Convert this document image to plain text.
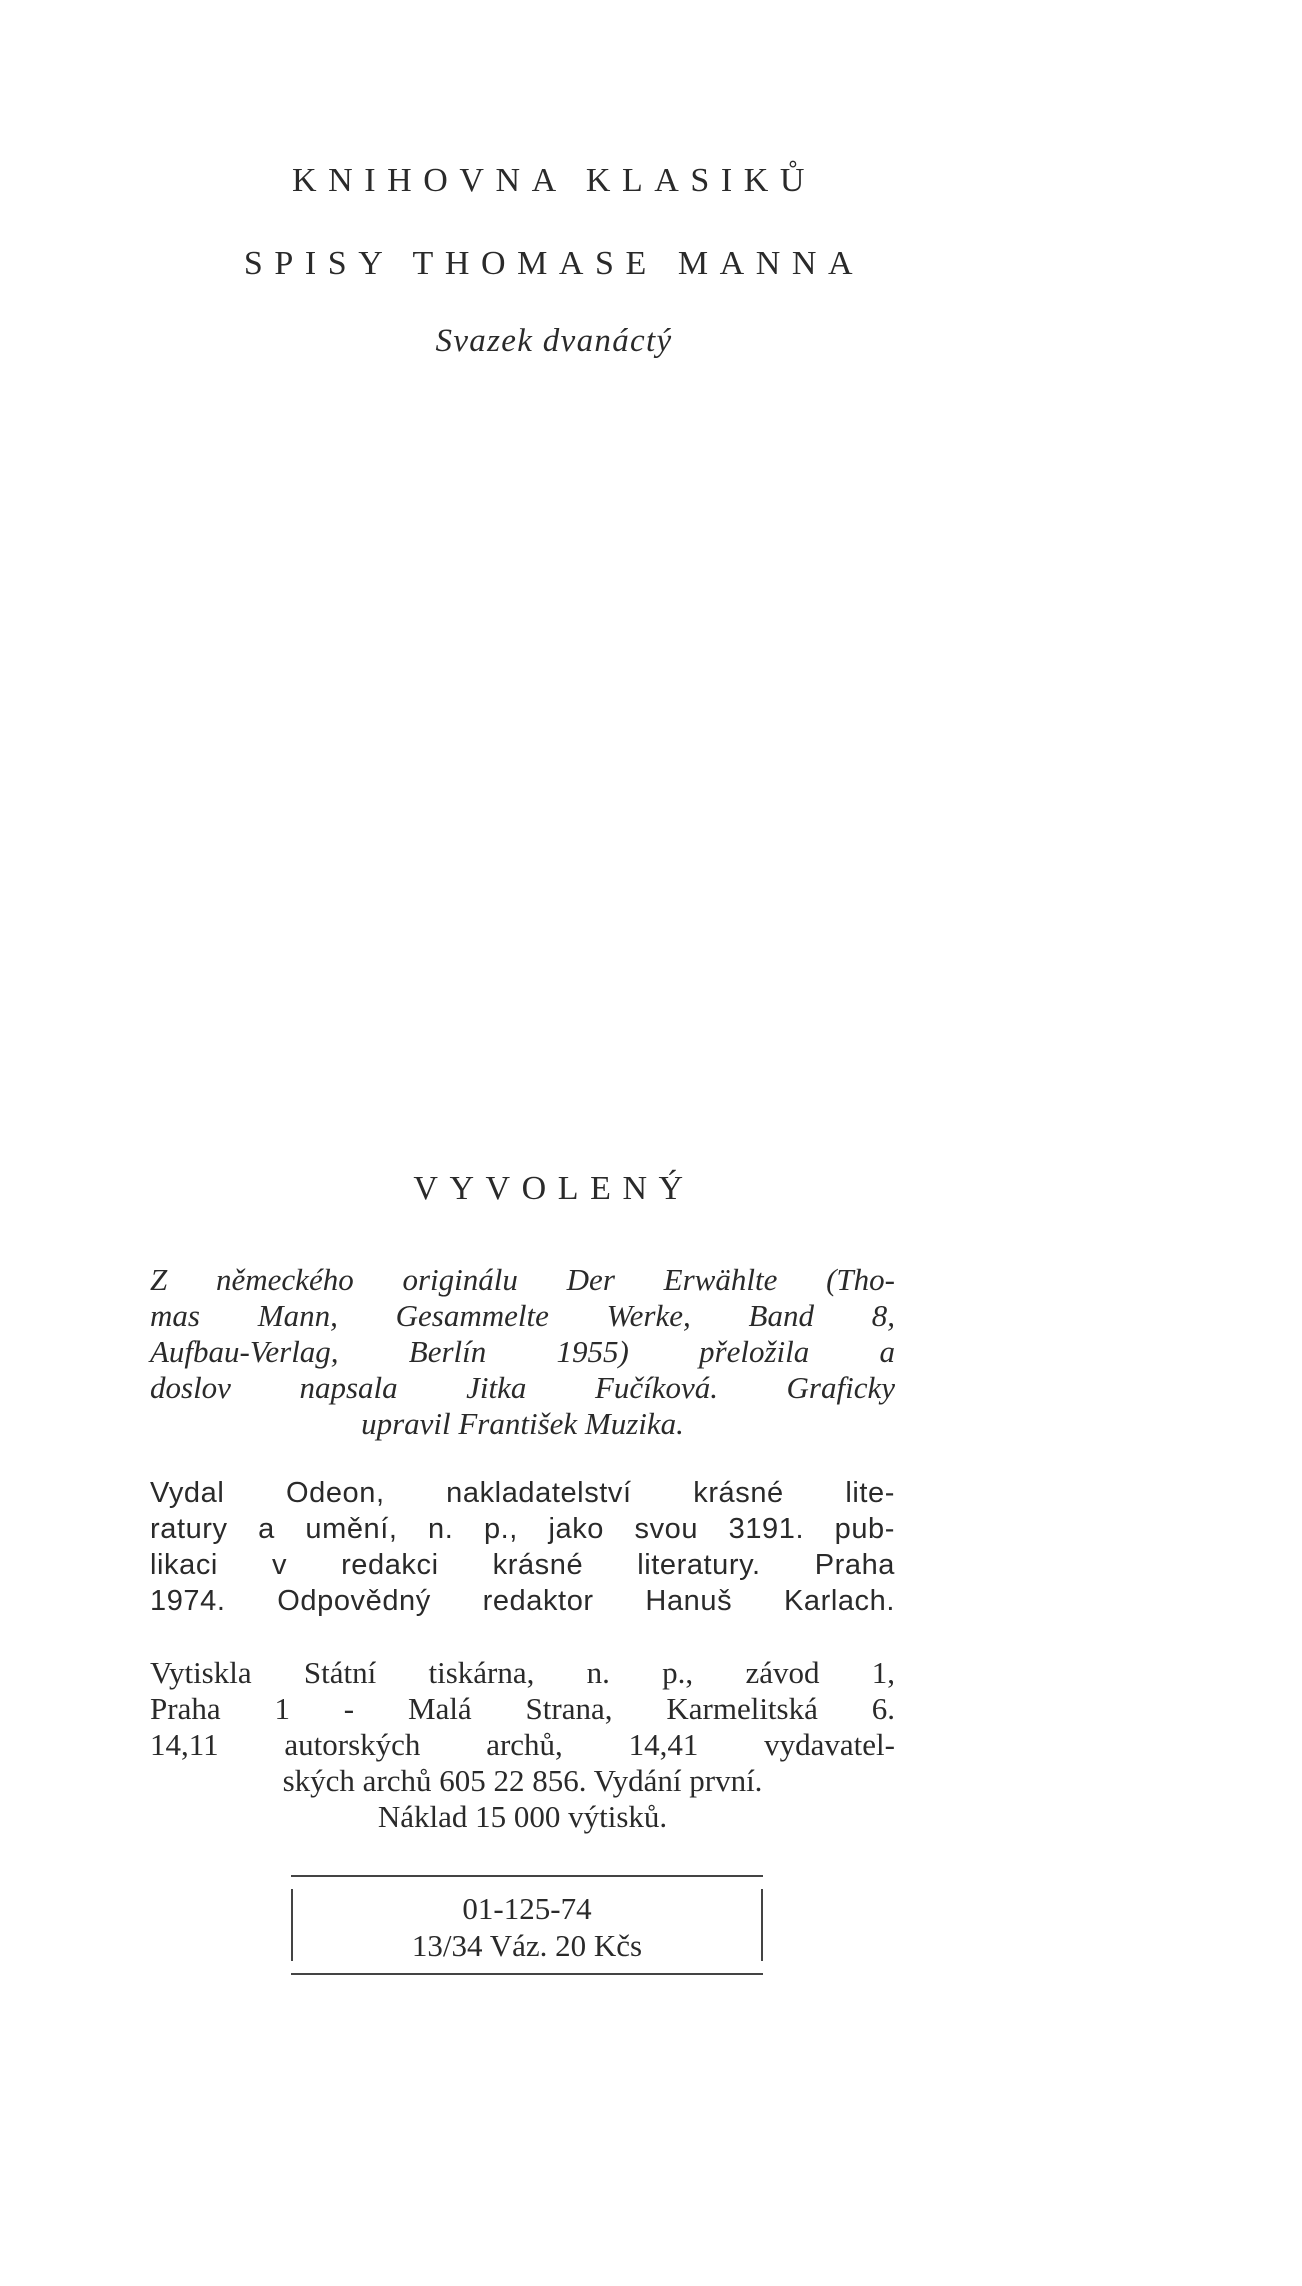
KNIHOVNA KLASIKŮ
SPISY THOMASE MANNA
Svazek dvanáctý
VYVOLENÝ
Z německého originálu Der Erwählte (Tho-
mas Mann, Gesammelte Werke, Band 8,
Aufbau-Verlag, Berlín 1955) přeložila a
doslov napsala Jitka Fučíková. Graficky
upravil František Muzika.
Vydal Odeon, nakladatelství krásné lite-
ratury a umění, n. p., jako svou 3191. pub-
likaci v redakci krásné literatury. Praha
1974. Odpovědný redaktor Hanuš Karlach.
Vytiskla Státní tiskárna, n. p., závod 1,
Praha 1 - Malá Strana, Karmelitská 6.
14,11 autorských archů, 14,41 vydavatel-
ských archů 605 22 856. Vydání první.
Náklad 15 000 výtisků.
01-125-74
13/34 Váz. 20 Kčs
